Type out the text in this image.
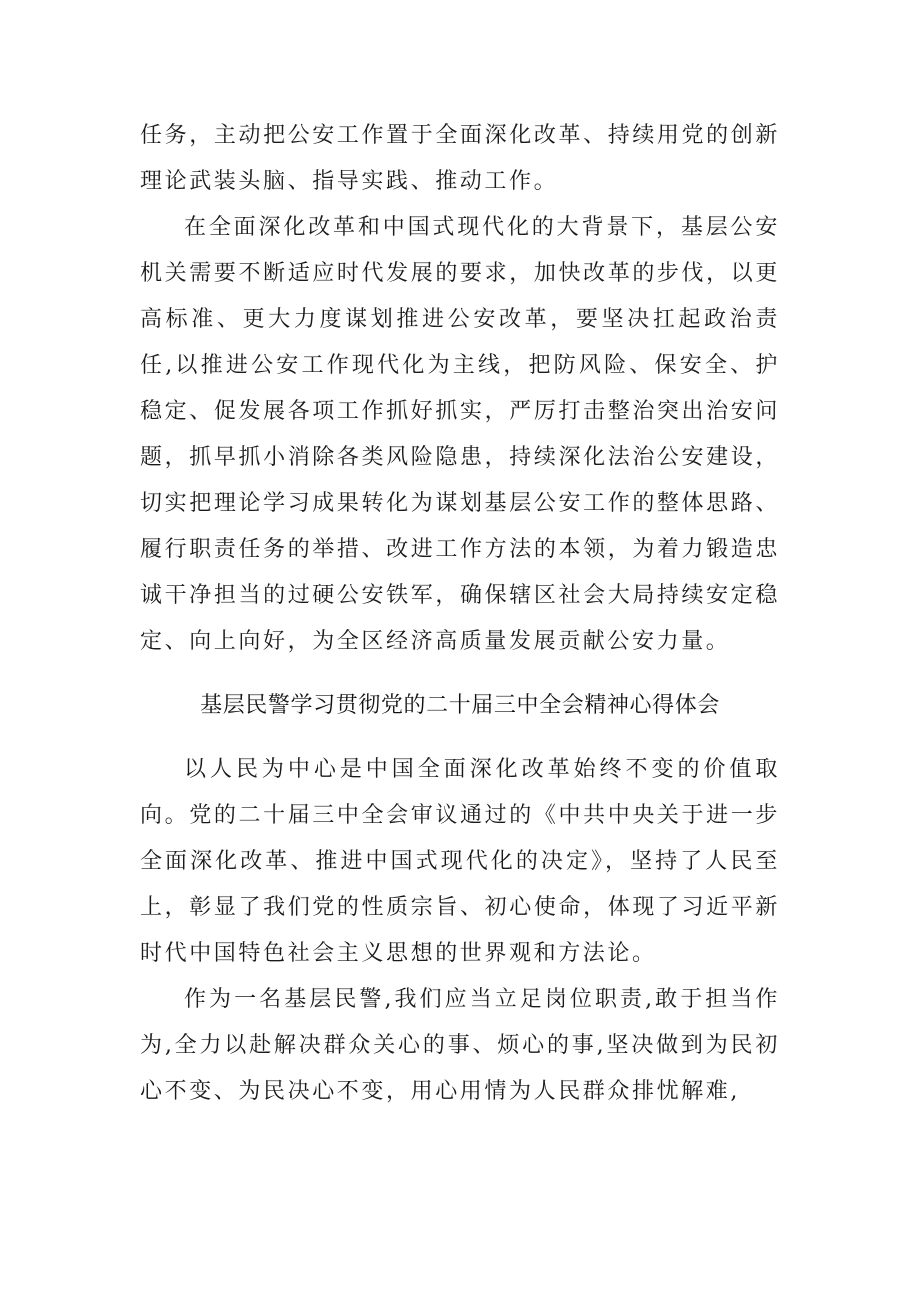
任务，主动把公安工作置于全面深化改革、持续用党的创新理论武装头脑、指导实践、推动工作。

在全面深化改革和中国式现代化的大背景下，基层公安机关需要不断适应时代发展的要求，加快改革的步伐，以更高标准、更大力度谋划推进公安改革，要坚决扛起政治责任,以推进公安工作现代化为主线，把防风险、保安全、护稳定、促发展各项工作抓好抓实，严厉打击整治突出治安问题，抓早抓小消除各类风险隐患，持续深化法治公安建设，切实把理论学习成果转化为谋划基层公安工作的整体思路、履行职责任务的举措、改进工作方法的本领，为着力锻造忠诚干净担当的过硬公安铁军，确保辖区社会大局持续安定稳定、向上向好，为全区经济高质量发展贡献公安力量。

基层民警学习贯彻党的二十届三中全会精神心得体会

以人民为中心是中国全面深化改革始终不变的价值取向。党的二十届三中全会审议通过的《中共中央关于进一步全面深化改革、推进中国式现代化的决定》，坚持了人民至上，彰显了我们党的性质宗旨、初心使命，体现了习近平新时代中国特色社会主义思想的世界观和方法论。

作为一名基层民警,我们应当立足岗位职责,敢于担当作为,全力以赴解决群众关心的事、烦心的事,坚决做到为民初心不变、为民决心不变，用心用情为人民群众排忧解难,
